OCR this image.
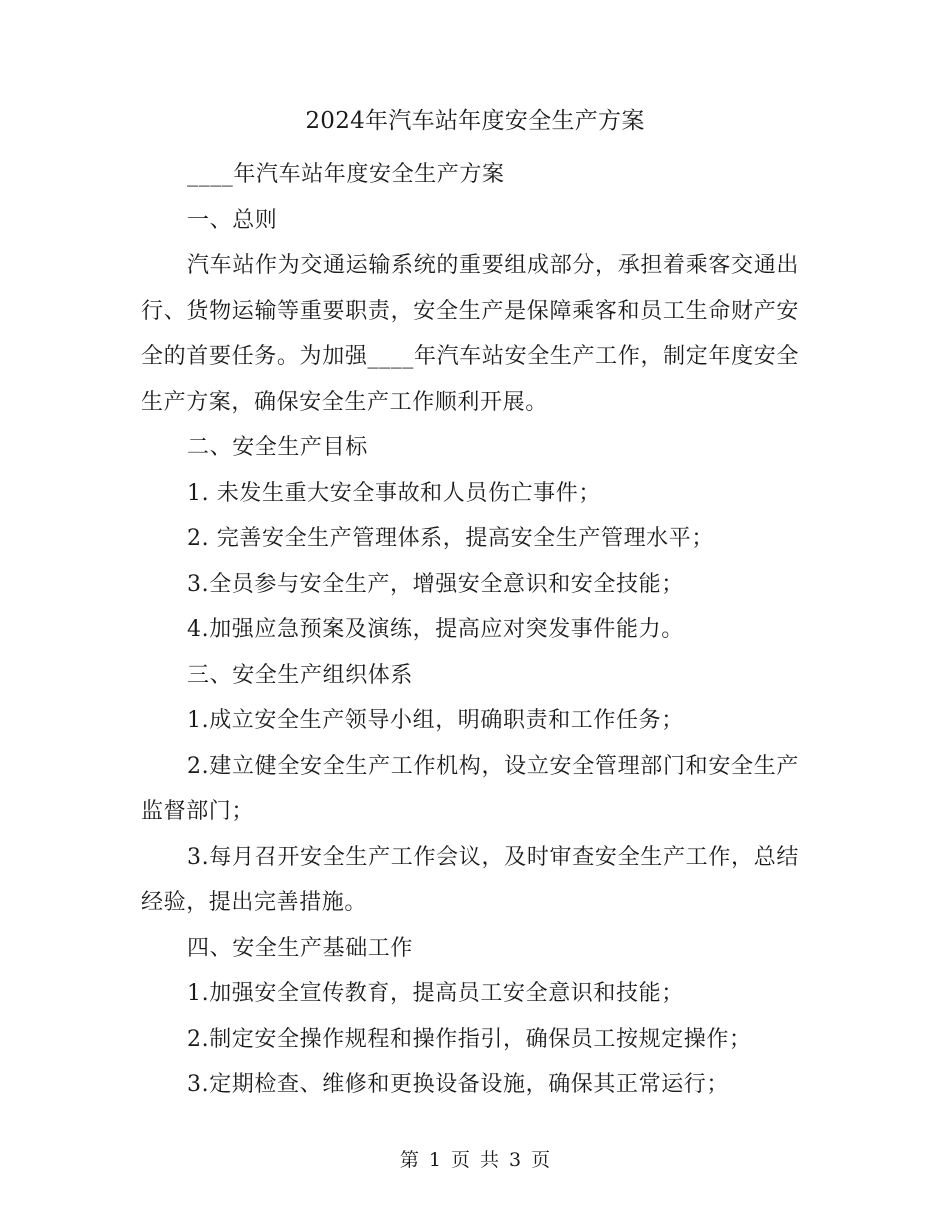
2024年汽车站年度安全生产方案

____年汽车站年度安全生产方案

一、总则

汽车站作为交通运输系统的重要组成部分，承担着乘客交通出行、货物运输等重要职责，安全生产是保障乘客和员工生命财产安全的首要任务。为加强____年汽车站安全生产工作，制定年度安全生产方案，确保安全生产工作顺利开展。

二、安全生产目标

1. 未发生重大安全事故和人员伤亡事件；

2. 完善安全生产管理体系，提高安全生产管理水平；

3.全员参与安全生产，增强安全意识和安全技能；

4.加强应急预案及演练，提高应对突发事件能力。

三、安全生产组织体系

1.成立安全生产领导小组，明确职责和工作任务；

2.建立健全安全生产工作机构，设立安全管理部门和安全生产监督部门；

3.每月召开安全生产工作会议，及时审查安全生产工作，总结经验，提出完善措施。

四、安全生产基础工作

1.加强安全宣传教育，提高员工安全意识和技能；

2.制定安全操作规程和操作指引，确保员工按规定操作；

3.定期检查、维修和更换设备设施，确保其正常运行；

第 1 页 共 3 页
